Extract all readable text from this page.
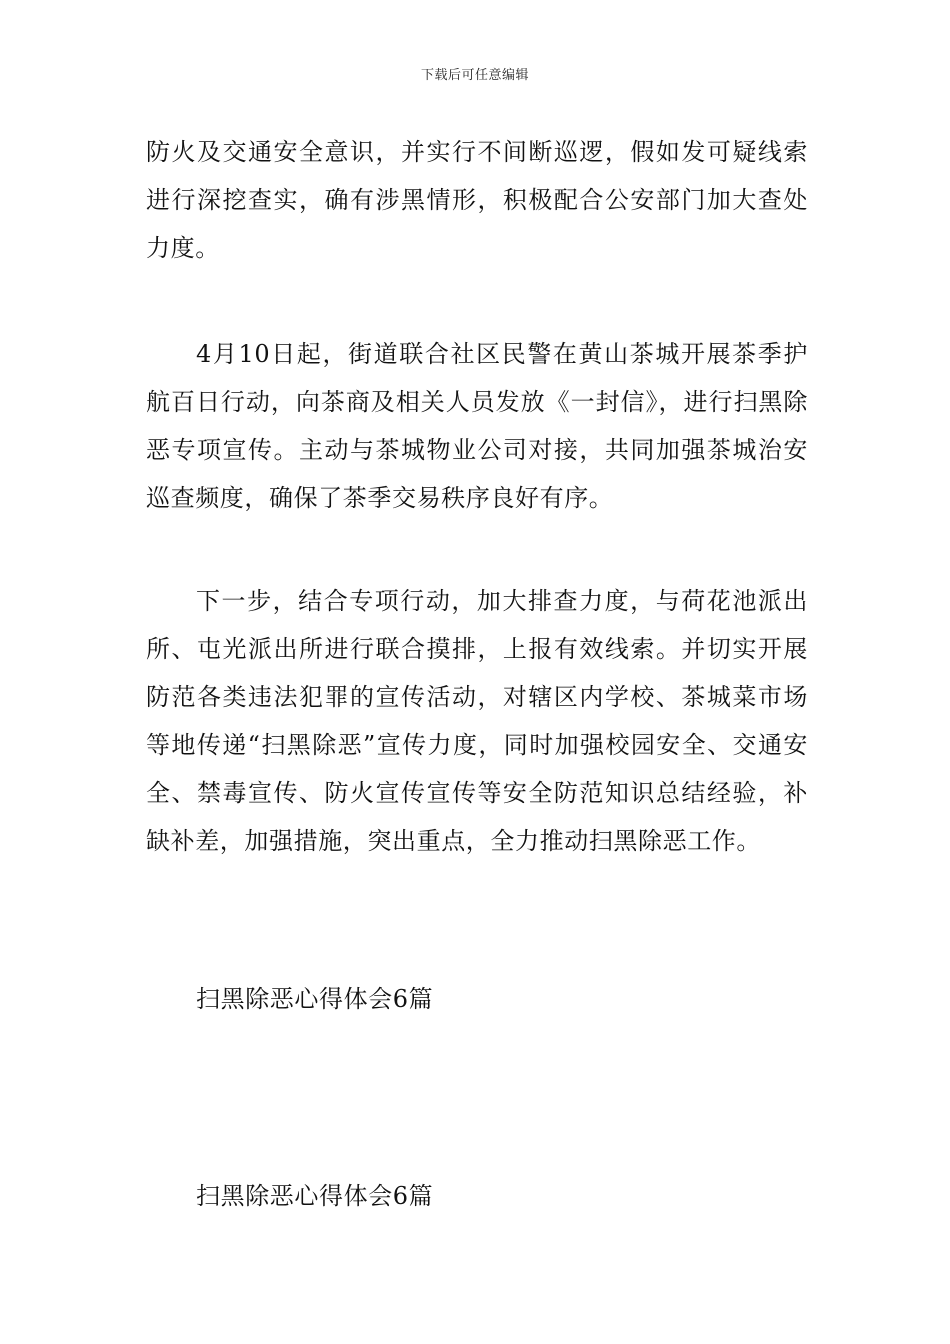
下载后可任意编辑

防火及交通安全意识，并实行不间断巡逻，假如发可疑线索进行深挖查实，确有涉黑情形，积极配合公安部门加大查处力度。

4月10日起，街道联合社区民警在黄山茶城开展茶季护航百日行动，向茶商及相关人员发放《一封信》，进行扫黑除恶专项宣传。主动与茶城物业公司对接，共同加强茶城治安巡查频度，确保了茶季交易秩序良好有序。

下一步，结合专项行动，加大排查力度，与荷花池派出所、屯光派出所进行联合摸排，上报有效线索。并切实开展防范各类违法犯罪的宣传活动，对辖区内学校、茶城菜市场等地传递“扫黑除恶”宣传力度，同时加强校园安全、交通安全、禁毒宣传、防火宣传宣传等安全防范知识总结经验，补缺补差，加强措施，突出重点，全力推动扫黑除恶工作。

扫黑除恶心得体会6篇

扫黑除恶心得体会6篇
